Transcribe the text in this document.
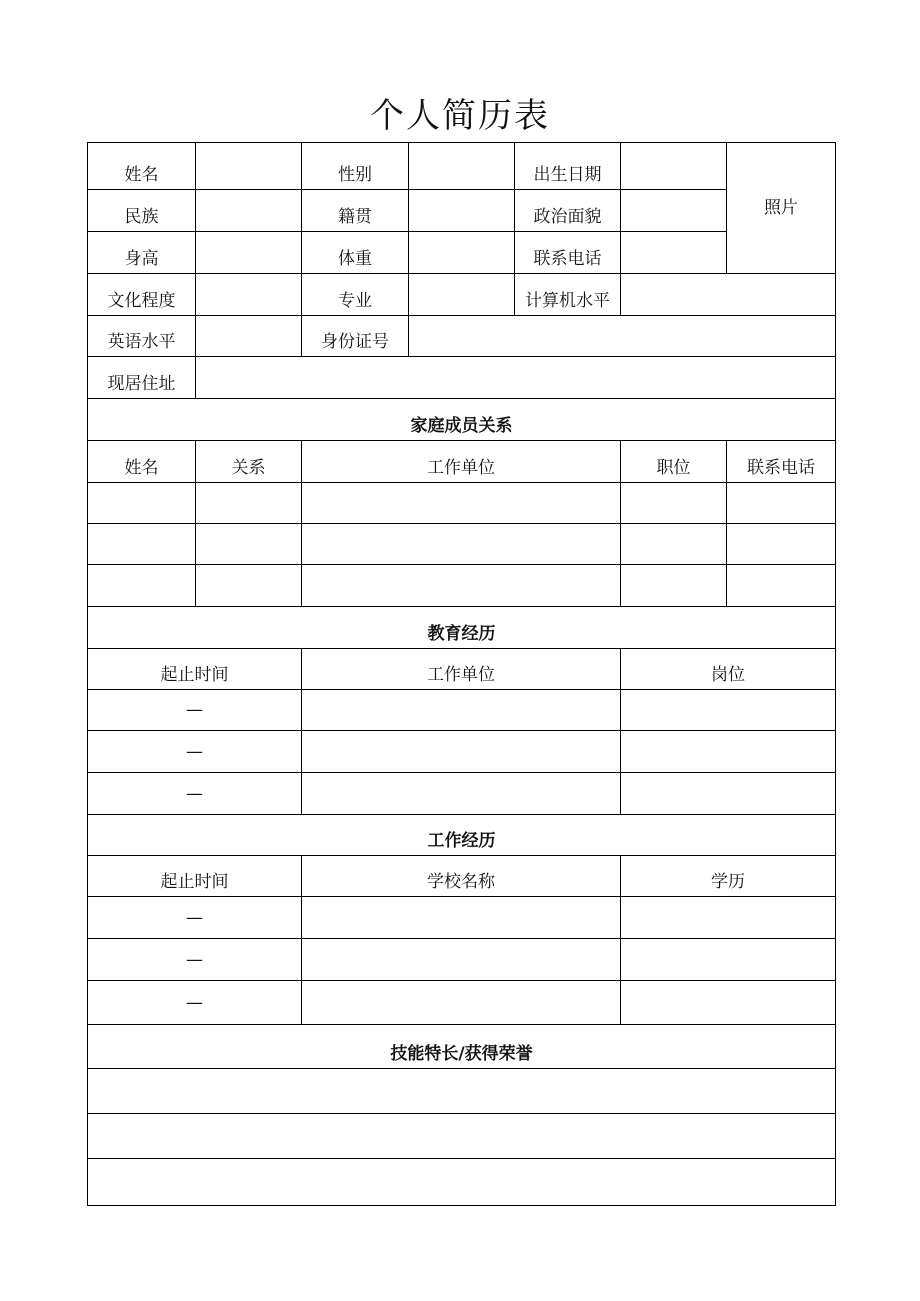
个人简历表
姓名		性别		出生日期		照片
民族		籍贯		政治面貌		
身高		体重		联系电话		
文化程度		专业		计算机水平		
英语水平		身份证号				
现居住址						
家庭成员关系						
姓名	关系	工作单位			职位	联系电话

教育经历						
起止时间		工作单位			岗位	
—						
—						
—						
工作经历						
起止时间		学校名称			学历	
—						
—						
—						
技能特长/获得荣誉						
